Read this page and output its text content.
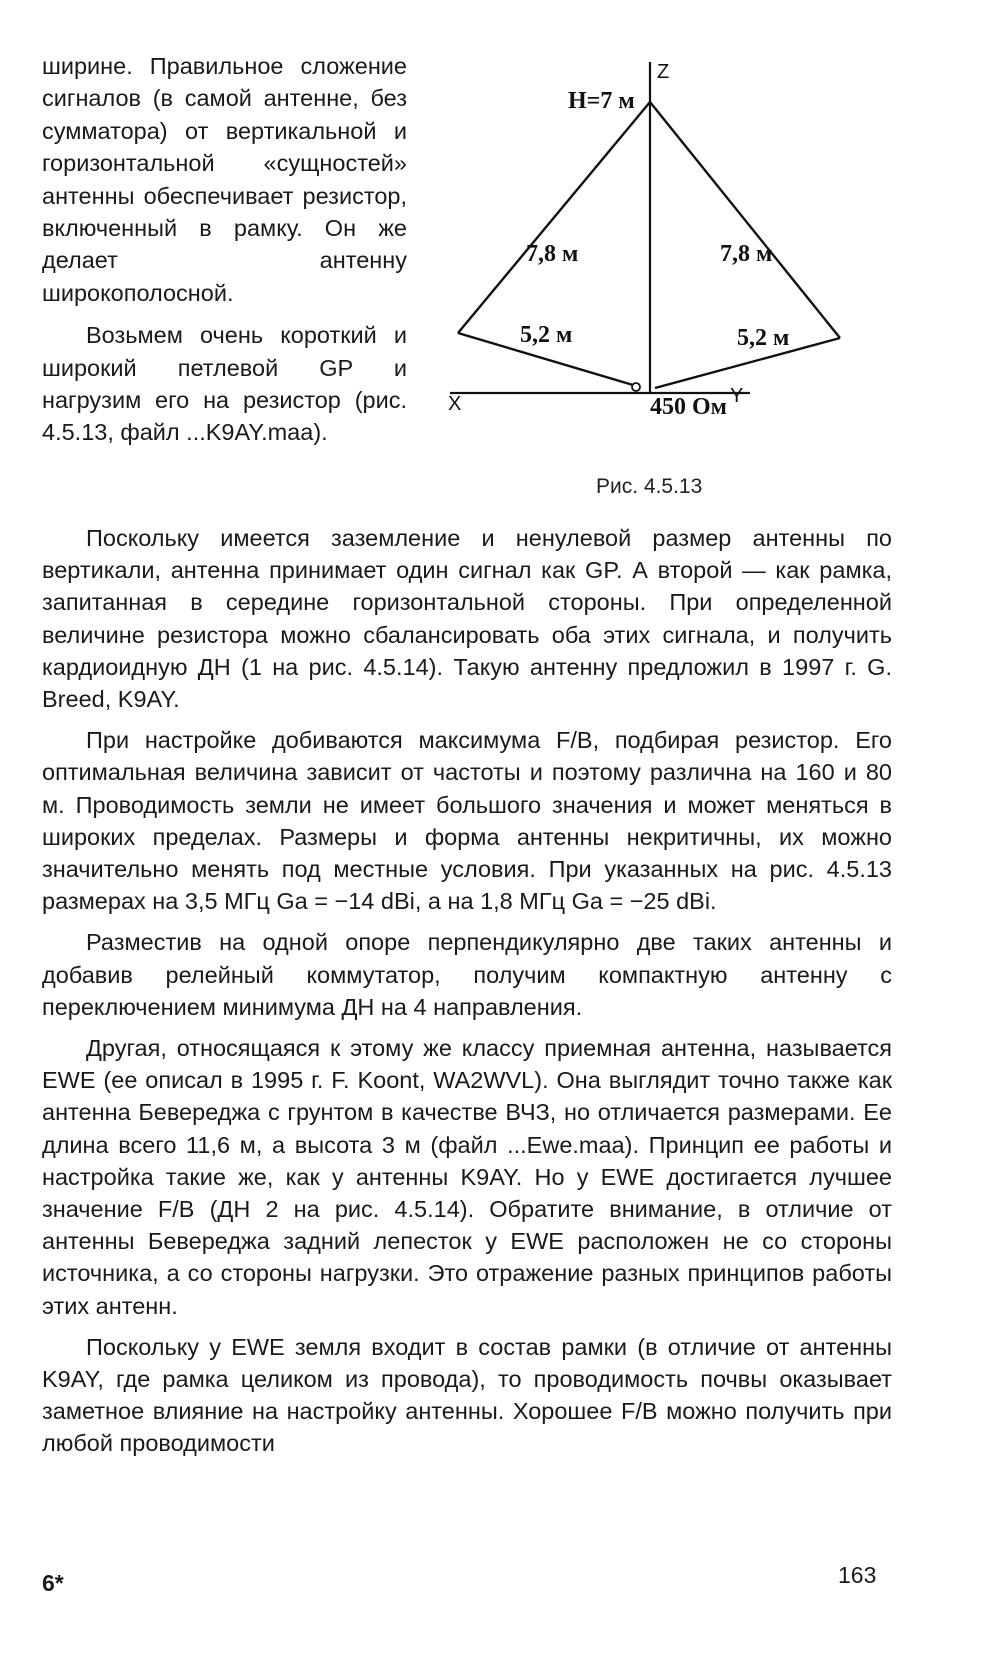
ширине. Правильное сложение сигналов (в самой антенне, без сумматора) от вертикальной и горизонтальной «сущностей» антенны обеспечивает резистор, включенный в рамку. Он же делает антенну широкополосной.

Возьмем очень короткий и широкий петлевой GP и нагрузим его на резистор (рис. 4.5.13, файл ...K9AY.maa).

H=7 м
7,8 м	7,8 м
5,2 м	5,2 м
450 Ом
Z
X	Y
Рис. 4.5.13

Поскольку имеется заземление и ненулевой размер антенны по вертикали, антенна принимает один сигнал как GP. А второй — как рамка, запитанная в середине горизонтальной стороны. При определенной величине резистора можно сбалансировать оба этих сигнала, и получить кардиоидную ДН (1 на рис. 4.5.14). Такую антенну предложил в 1997 г. G. Breed, K9AY.

При настройке добиваются максимума F/B, подбирая резистор. Его оптимальная величина зависит от частоты и поэтому различна на 160 и 80 м. Проводимость земли не имеет большого значения и может меняться в широких пределах. Размеры и форма антенны некритичны, их можно значительно менять под местные условия. При указанных на рис. 4.5.13 размерах на 3,5 МГц Ga = −14 dBi, а на 1,8 МГц Ga = −25 dBi.

Разместив на одной опоре перпендикулярно две таких антенны и добавив релейный коммутатор, получим компактную антенну с переключением минимума ДН на 4 направления.

Другая, относящаяся к этому же классу приемная антенна, называется EWE (ее описал в 1995 г. F. Koont, WA2WVL). Она выглядит точно также как антенна Бевереджа с грунтом в качестве ВЧЗ, но отличается размерами. Ее длина всего 11,6 м, а высота 3 м (файл ...Ewe.maa). Принцип ее работы и настройка такие же, как у антенны K9AY. Но у EWE достигается лучшее значение F/B (ДН 2 на рис. 4.5.14). Обратите внимание, в отличие от антенны Бевереджа задний лепесток у EWE расположен не со стороны источника, а со стороны нагрузки. Это отражение разных принципов работы этих антенн.

Поскольку у EWE земля входит в состав рамки (в отличие от антенны K9AY, где рамка целиком из провода), то проводимость почвы оказывает заметное влияние на настройку антенны. Хорошее F/B можно получить при любой проводимости

6*	163
